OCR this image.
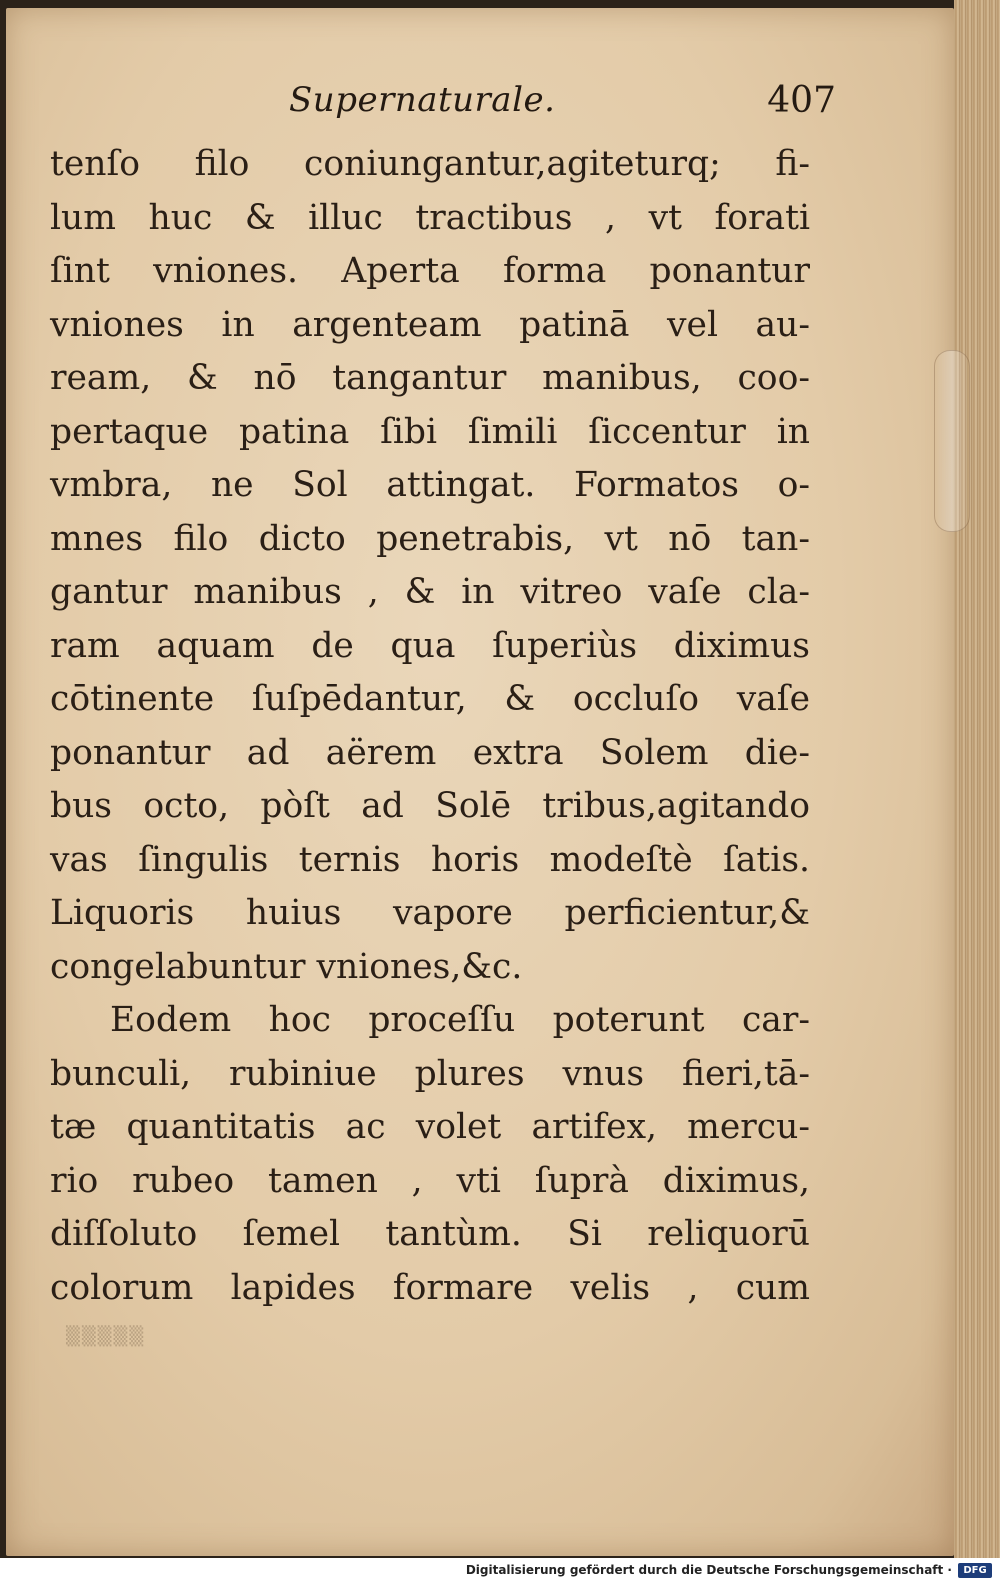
Supernaturale.	407
tenſo filo coniungantur,agiteturq; fi-
lum huc & illuc tractibus , vt forati
ſint vniones. Aperta forma ponantur
vniones in argenteam patinā vel au-
ream, & nō tangantur manibus, coo-
pertaque patina ſibi ſimili ſiccentur in
vmbra, ne Sol attingat. Formatos o-
mnes filo dicto penetrabis, vt nō tan-
gantur manibus , & in vitreo vaſe cla-
ram aquam de qua ſuperiùs diximus
cōtinente ſuſpēdantur, & occluſo vaſe
ponantur ad aërem extra Solem die-
bus octo, pòſt ad Solē tribus,agitando
vas ſingulis ternis horis modeſtè ſatis.
Liquoris huius vapore perficientur,&
congelabuntur vniones,&c.
Eodem hoc proceſſu poterunt car-
bunculi, rubiniue plures vnus fieri,tā-
tæ quantitatis ac volet artifex, mercu-
rio rubeo tamen , vti ſuprà diximus,
diſſoluto ſemel tantùm. Si reliquorū
colorum lapides formare velis , cum
▒▒▒▒▒
Digitalisierung gefördert durch die Deutsche Forschungsgemeinschaft ·	DFG
